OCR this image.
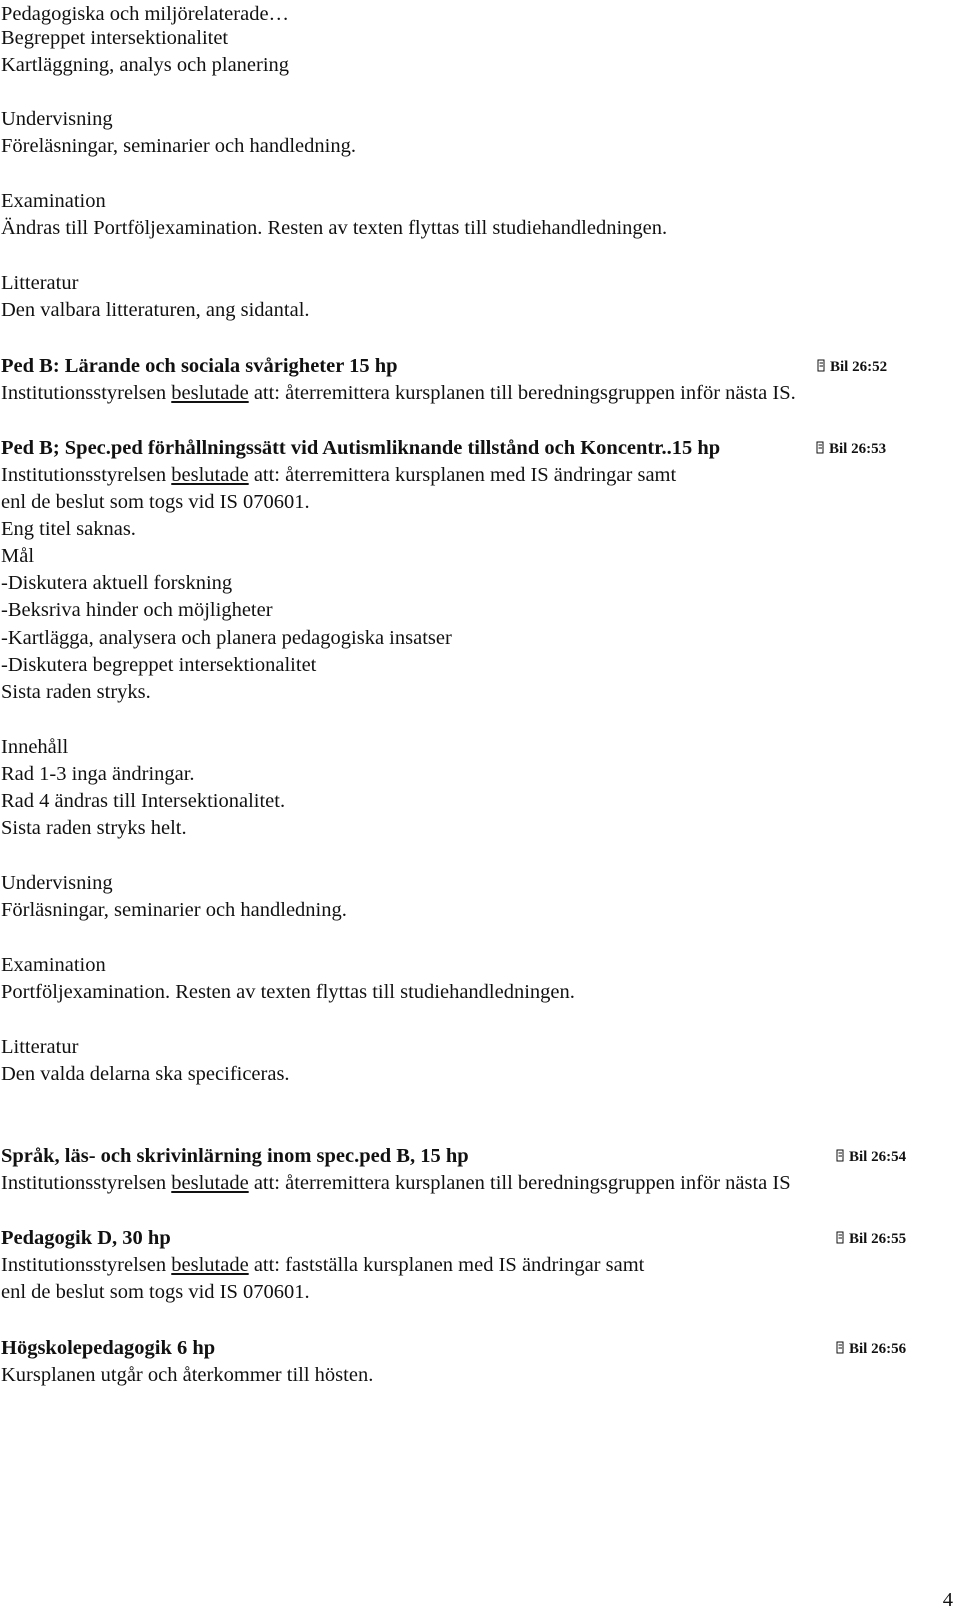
Pedagogiska och miljörelaterade…
Begreppet intersektionalitet
Kartläggning, analys och planering
Undervisning
Föreläsningar, seminarier och handledning.
Examination
Ändras till Portföljexamination. Resten av texten flyttas till studiehandledningen.
Litteratur
Den valbara litteraturen, ang sidantal.
Ped B: Lärande och sociala svårigheter 15 hp	Bil 26:52
Institutionsstyrelsen beslutade att: återremittera kursplanen till beredningsgruppen inför nästa IS.
Ped B; Spec.ped förhållningssätt vid Autismliknande tillstånd och Koncentr..15 hp	Bil 26:53
Institutionsstyrelsen beslutade att: återremittera kursplanen med IS ändringar samt
enl de beslut som togs vid IS 070601.
Eng titel saknas.
Mål
-Diskutera aktuell forskning
-Beksriva hinder och möjligheter
-Kartlägga, analysera och planera pedagogiska insatser
-Diskutera begreppet intersektionalitet
Sista raden stryks.
Innehåll
Rad 1-3 inga ändringar.
Rad 4 ändras till Intersektionalitet.
Sista raden stryks helt.
Undervisning
Förläsningar, seminarier och handledning.
Examination
Portföljexamination. Resten av texten flyttas till studiehandledningen.
Litteratur
Den valda delarna ska specificeras.
Språk, läs- och skrivinlärning inom spec.ped B, 15 hp	Bil 26:54
Institutionsstyrelsen beslutade att: återremittera kursplanen till beredningsgruppen inför nästa IS
Pedagogik D, 30 hp	Bil 26:55
Institutionsstyrelsen beslutade att: fastställa kursplanen med IS ändringar samt
enl de beslut som togs vid IS 070601.
Högskolepedagogik 6 hp	Bil 26:56
Kursplanen utgår och återkommer till hösten.
4
